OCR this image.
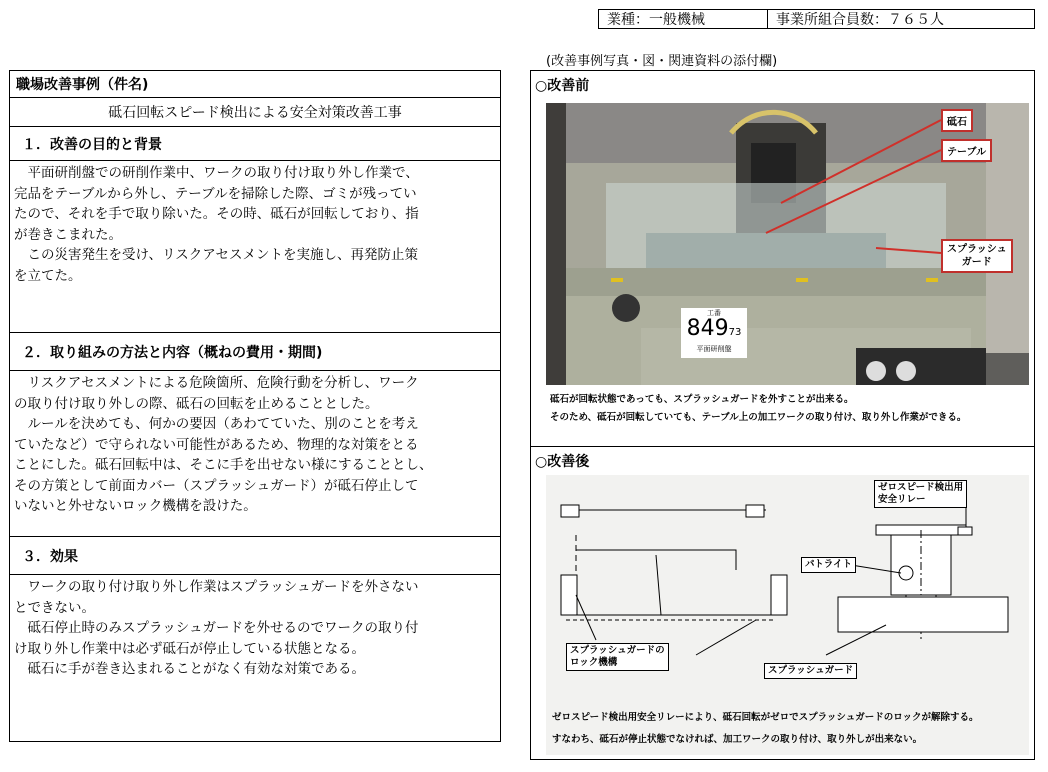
業種：一般機械	事業所組合員数：７６５人
(改善事例写真・図・関連資料の添付欄)
職場改善事例（件名)
砥石回転スピード検出による安全対策改善工事
１．改善の目的と背景
　平面研削盤での研削作業中、ワークの取り付け取り外し作業で、
完品をテーブルから外し、テーブルを掃除した際、ゴミが残ってい
たので、それを手で取り除いた。その時、砥石が回転しており、指
が巻きこまれた。
　この災害発生を受け、リスクアセスメントを実施し、再発防止策
を立てた。
２．取り組みの方法と内容（概ねの費用・期間)
　リスクアセスメントによる危険箇所、危険行動を分析し、ワーク
の取り付け取り外しの際、砥石の回転を止めることとした。
　ルールを決めても、何かの要因（あわてていた、別のことを考え
ていたなど）で守られない可能性があるため、物理的な対策をとる
ことにした。砥石回転中は、そこに手を出せない様にすることとし、
その方策として前面カバー（スプラッシュガード）が砥石停止して
いないと外せないロック機構を設けた。
３．効果
　ワークの取り付け取り外し作業はスプラッシュガードを外さない
とできない。
　砥石停止時のみスプラッシュガードを外せるのでワークの取り付
け取り外し作業中は必ず砥石が停止している状態となる。
　砥石に手が巻き込まれることがなく有効な対策である。
○改善前
砥石
テーブル
スプラッシュ
ガード
工番
84973
平面研削盤
砥石が回転状態であっても、スプラッシュガードを外すことが出来る。
そのため、砥石が回転していても、テーブル上の加工ワークの取り付け、取り外し作業ができる。
○改善後
ゼロスピード検出用
安全リレー
パトライト
スプラッシュガードの
ロック機構
スプラッシュガード
ゼロスピード検出用安全リレーにより、砥石回転がゼロでスプラッシュガードのロックが解除する。
すなわち、砥石が停止状態でなければ、加工ワークの取り付け、取り外しが出来ない。
